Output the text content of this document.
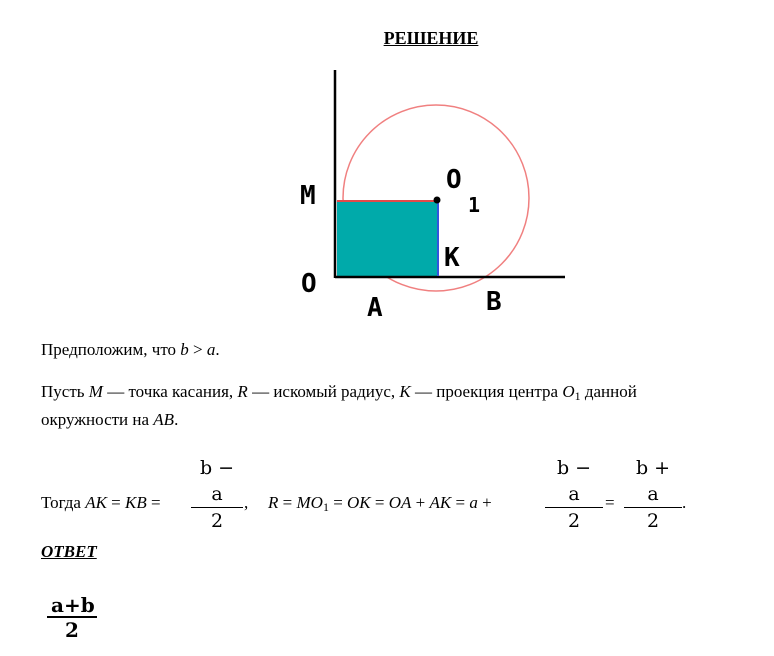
РЕШЕНИЕ
M
O
O
1
K
A	B
Предположим, что b > a.
Пусть M — точка касания, R — искомый радиус, K — проекция центра $O_1$ данной
окружности на AB.
Тогда AK = KB = $\frac{b - a}{2}$ , $R = MO_1$ = OK = OA + AK = a +	$\frac{b - a}{2} = \frac{b + a}{2}$ .
ОТВЕТ
$\frac{a+b}{2}$
